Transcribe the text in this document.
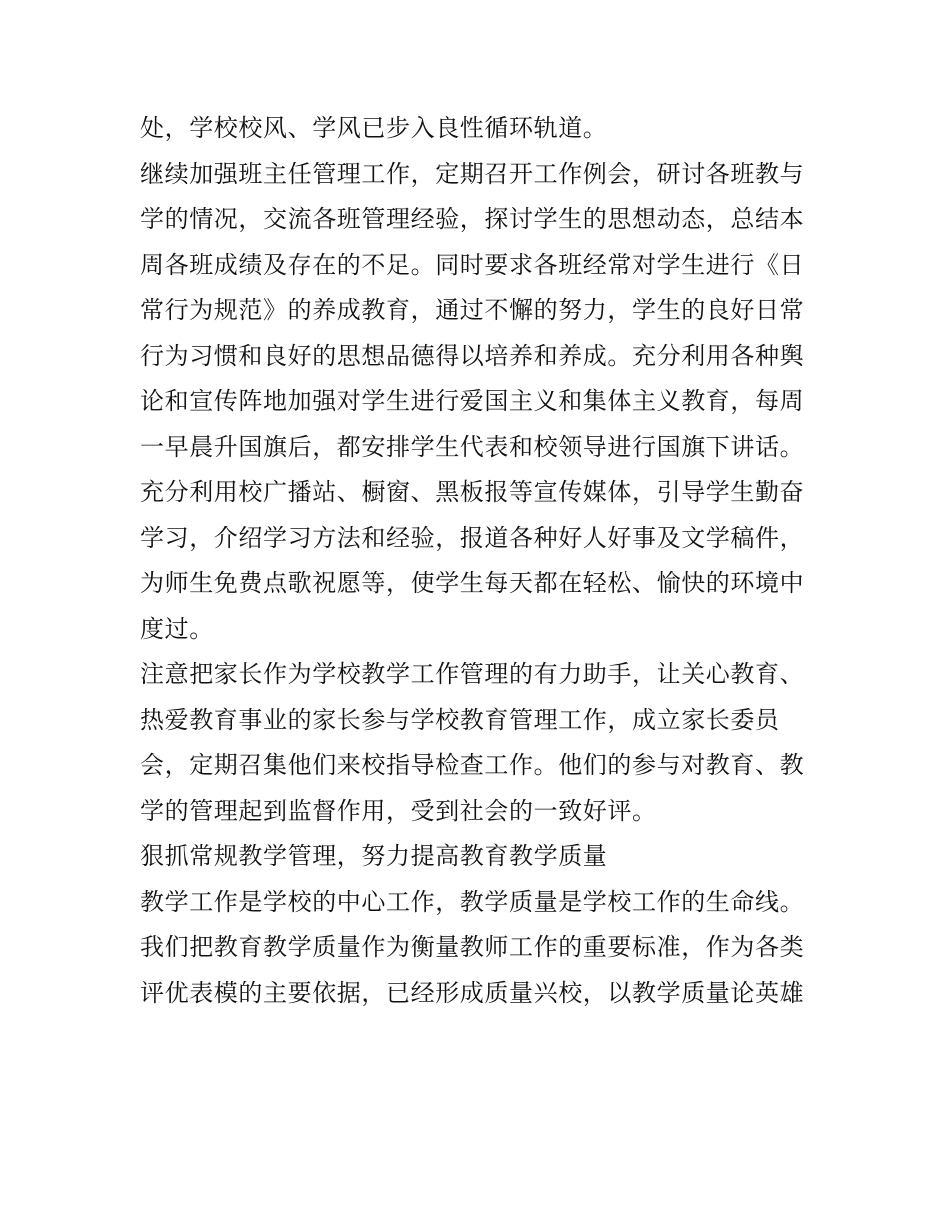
处，学校校风、学风已步入良性循环轨道。
继续加强班主任管理工作，定期召开工作例会，研讨各班教与
学的情况，交流各班管理经验，探讨学生的思想动态，总结本
周各班成绩及存在的不足。同时要求各班经常对学生进行《日
常行为规范》的养成教育，通过不懈的努力，学生的良好日常
行为习惯和良好的思想品德得以培养和养成。充分利用各种舆
论和宣传阵地加强对学生进行爱国主义和集体主义教育，每周
一早晨升国旗后，都安排学生代表和校领导进行国旗下讲话。
充分利用校广播站、橱窗、黑板报等宣传媒体，引导学生勤奋
学习，介绍学习方法和经验，报道各种好人好事及文学稿件，
为师生免费点歌祝愿等，使学生每天都在轻松、愉快的环境中
度过。
注意把家长作为学校教学工作管理的有力助手，让关心教育、
热爱教育事业的家长参与学校教育管理工作，成立家长委员
会，定期召集他们来校指导检查工作。他们的参与对教育、教
学的管理起到监督作用，受到社会的一致好评。
狠抓常规教学管理，努力提高教育教学质量
教学工作是学校的中心工作，教学质量是学校工作的生命线。
我们把教育教学质量作为衡量教师工作的重要标准，作为各类
评优表模的主要依据，已经形成质量兴校，以教学质量论英雄
